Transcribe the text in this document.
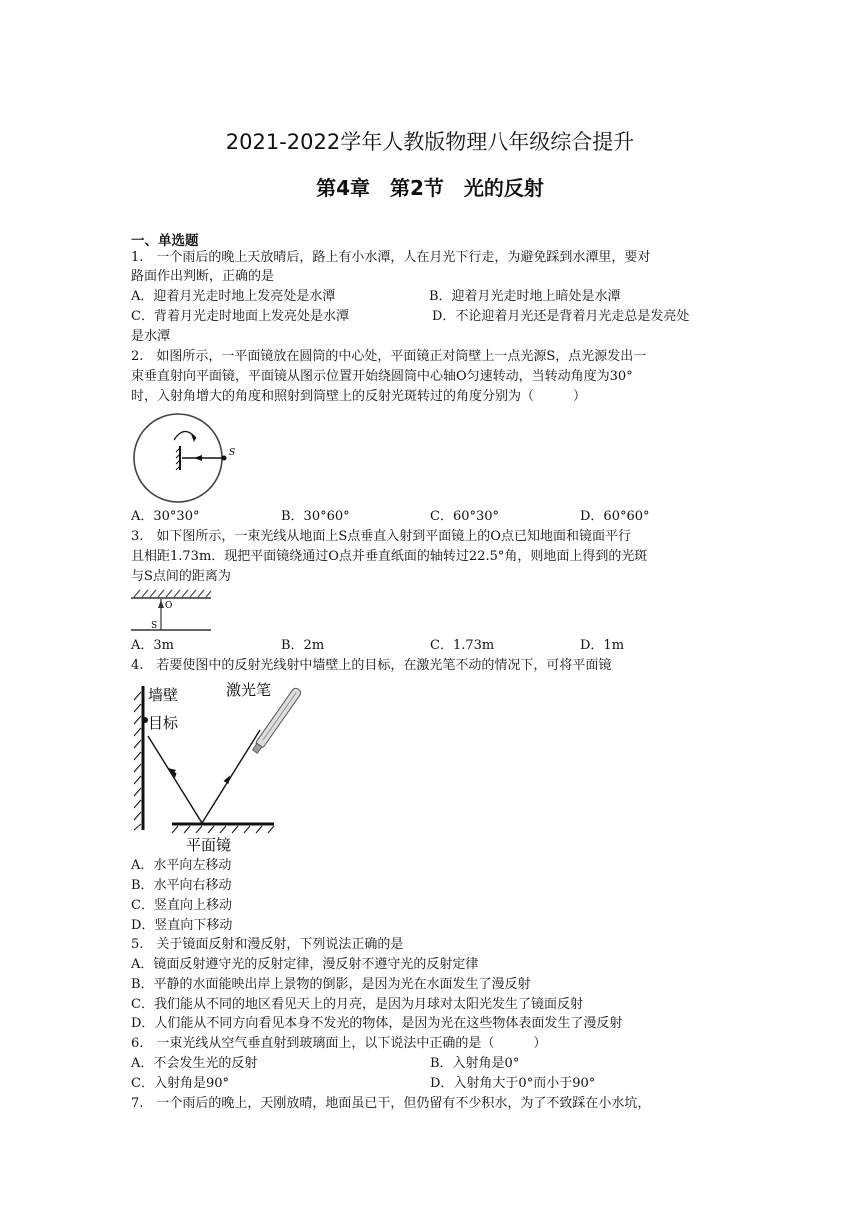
2021-2022学年人教版物理八年级综合提升
第4章　第2节　光的反射
一、单选题
1.　一个雨后的晚上天放晴后，路上有小水潭，人在月光下行走，为避免踩到水潭里，要对
路面作出判断，正确的是
A．迎着月光走时地上发亮处是水潭	B．迎着月光走时地上暗处是水潭
C．背着月光走时地面上发亮处是水潭	D．不论迎着月光还是背着月光走总是发亮处
是水潭
2.　如图所示，一平面镜放在圆筒的中心处，平面镜正对筒壁上一点光源S，点光源发出一
束垂直射向平面镜，平面镜从图示位置开始绕圆筒中心轴O匀速转动，当转动角度为30°
时，入射角增大的角度和照射到筒壁上的反射光斑转过的角度分别为（　　　）
S
A．30°30°	B．30°60°	C．60°30°	D．60°60°
3.　如下图所示，一束光线从地面上S点垂直入射到平面镜上的O点已知地面和镜面平行
且相距1.73m．现把平面镜绕通过O点并垂直纸面的轴转过22.5°角，则地面上得到的光斑
与S点间的距离为
O
S
A．3m	B．2m	C．1.73m	D．1m
4.　若要使图中的反射光线射中墙壁上的目标，在激光笔不动的情况下，可将平面镜
墙壁	激光笔
目标
平面镜
A．水平向左移动
B．水平向右移动
C．竖直向上移动
D．竖直向下移动
5.　关于镜面反射和漫反射，下列说法正确的是
A．镜面反射遵守光的反射定律，漫反射不遵守光的反射定律
B．平静的水面能映出岸上景物的倒影，是因为光在水面发生了漫反射
C．我们能从不同的地区看见天上的月亮，是因为月球对太阳光发生了镜面反射
D．人们能从不同方向看见本身不发光的物体，是因为光在这些物体表面发生了漫反射
6.　一束光线从空气垂直射到玻璃面上，以下说法中正确的是（　　　）
A．不会发生光的反射	B．入射角是0°
C．入射角是90°	D．入射角大于0°而小于90°
7.　一个雨后的晚上，天刚放晴，地面虽已干，但仍留有不少积水，为了不致踩在小水坑，
